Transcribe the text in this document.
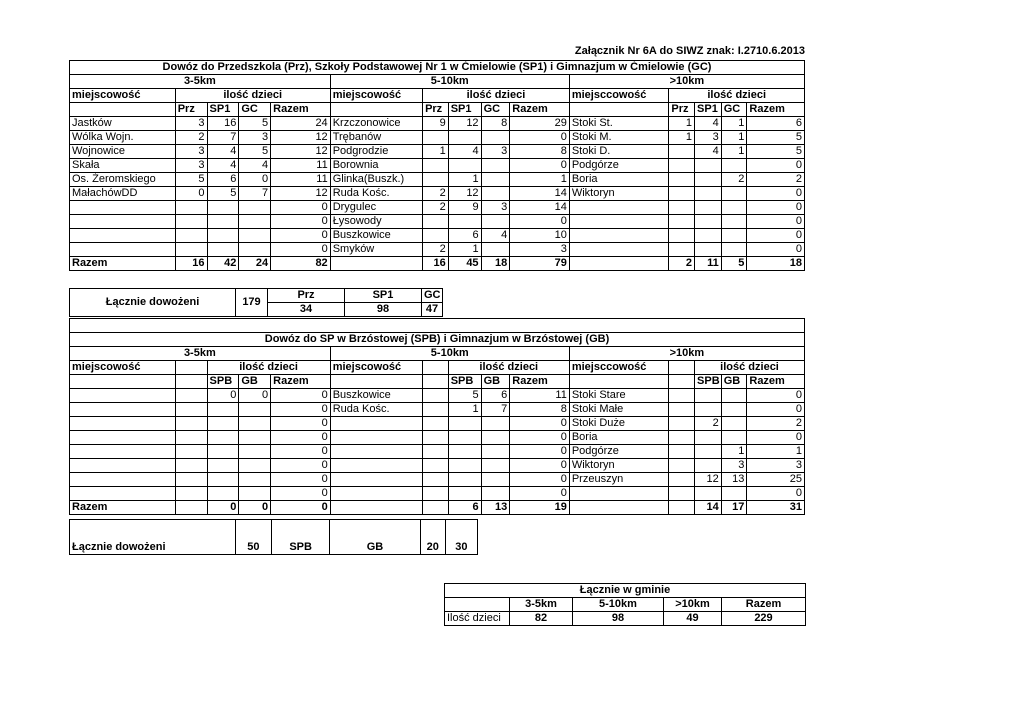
Załącznik Nr 6A do SIWZ znak: I.2710.6.2013
Dowóz do Przedszkola (Prz), Szkoły Podstawowej Nr 1 w Ćmielowie (SP1) i Gimnazjum w Ćmielowie (GC)														
3-5km					5-10km					>10km				
miejscowość	ilość dzieci				miejscowość	ilość dzieci				miejsccowość	ilość dzieci			
	Prz	SP1	GC	Razem		Prz	SP1	GC	Razem		Prz	SP1	GC	Razem
Jastków	3	16	5	24	Krzczonowice	9	12	8	29	Stoki St.	1	4	1	6
Wólka Wojn.	2	7	3	12	Trębanów				0	Stoki M.	1	3	1	5
Wojnowice	3	4	5	12	Podgrodzie	1	4	3	8	Stoki D.		4	1	5
Skała	3	4	4	11	Borownia				0	Podgórze				0
Os. Żeromskiego	5	6	0	11	Glinka(Buszk.)		1		1	Boria			2	2
MałachówDD	0	5	7	12	Ruda Kośc.	2	12		14	Wiktoryn				0
				0	Drygulec	2	9	3	14					0
				0	Łysowody				0					0
				0	Buszkowice		6	4	10					0
				0	Smyków	2	1		3					0
Razem	16	42	24	82		16	45	18	79		2	11	5	18
Łącznie dowożeni	179	Prz	SP1	GC
		34	98	47

Dowóz do SP w Brzóstowej (SPB) i Gimnazjum w Brzóstowej (GB)														
3-5km					5-10km					>10km				
miejscowość		ilość dzieci			miejscowość		ilość dzieci			miejsccowość		ilość dzieci		
		SPB	GB	Razem			SPB	GB	Razem			SPB	GB	Razem
		0	0	0	Buszkowice		5	6	11	Stoki Stare				0
				0	Ruda Kośc.		1	7	8	Stoki Małe				0
				0					0	Stoki Duże		2		2
				0					0	Boria				0
				0					0	Podgórze			1	1
				0					0	Wiktoryn			3	3
				0					0	Przeuszyn		12	13	25
				0					0					0
Razem		0	0	0			6	13	19			14	17	31
Łącznie dowożeni	50	SPB	GB	20	30
Łącznie w gminie				
	3-5km	5-10km	>10km	Razem
Ilość dzieci	82	98	49	229
